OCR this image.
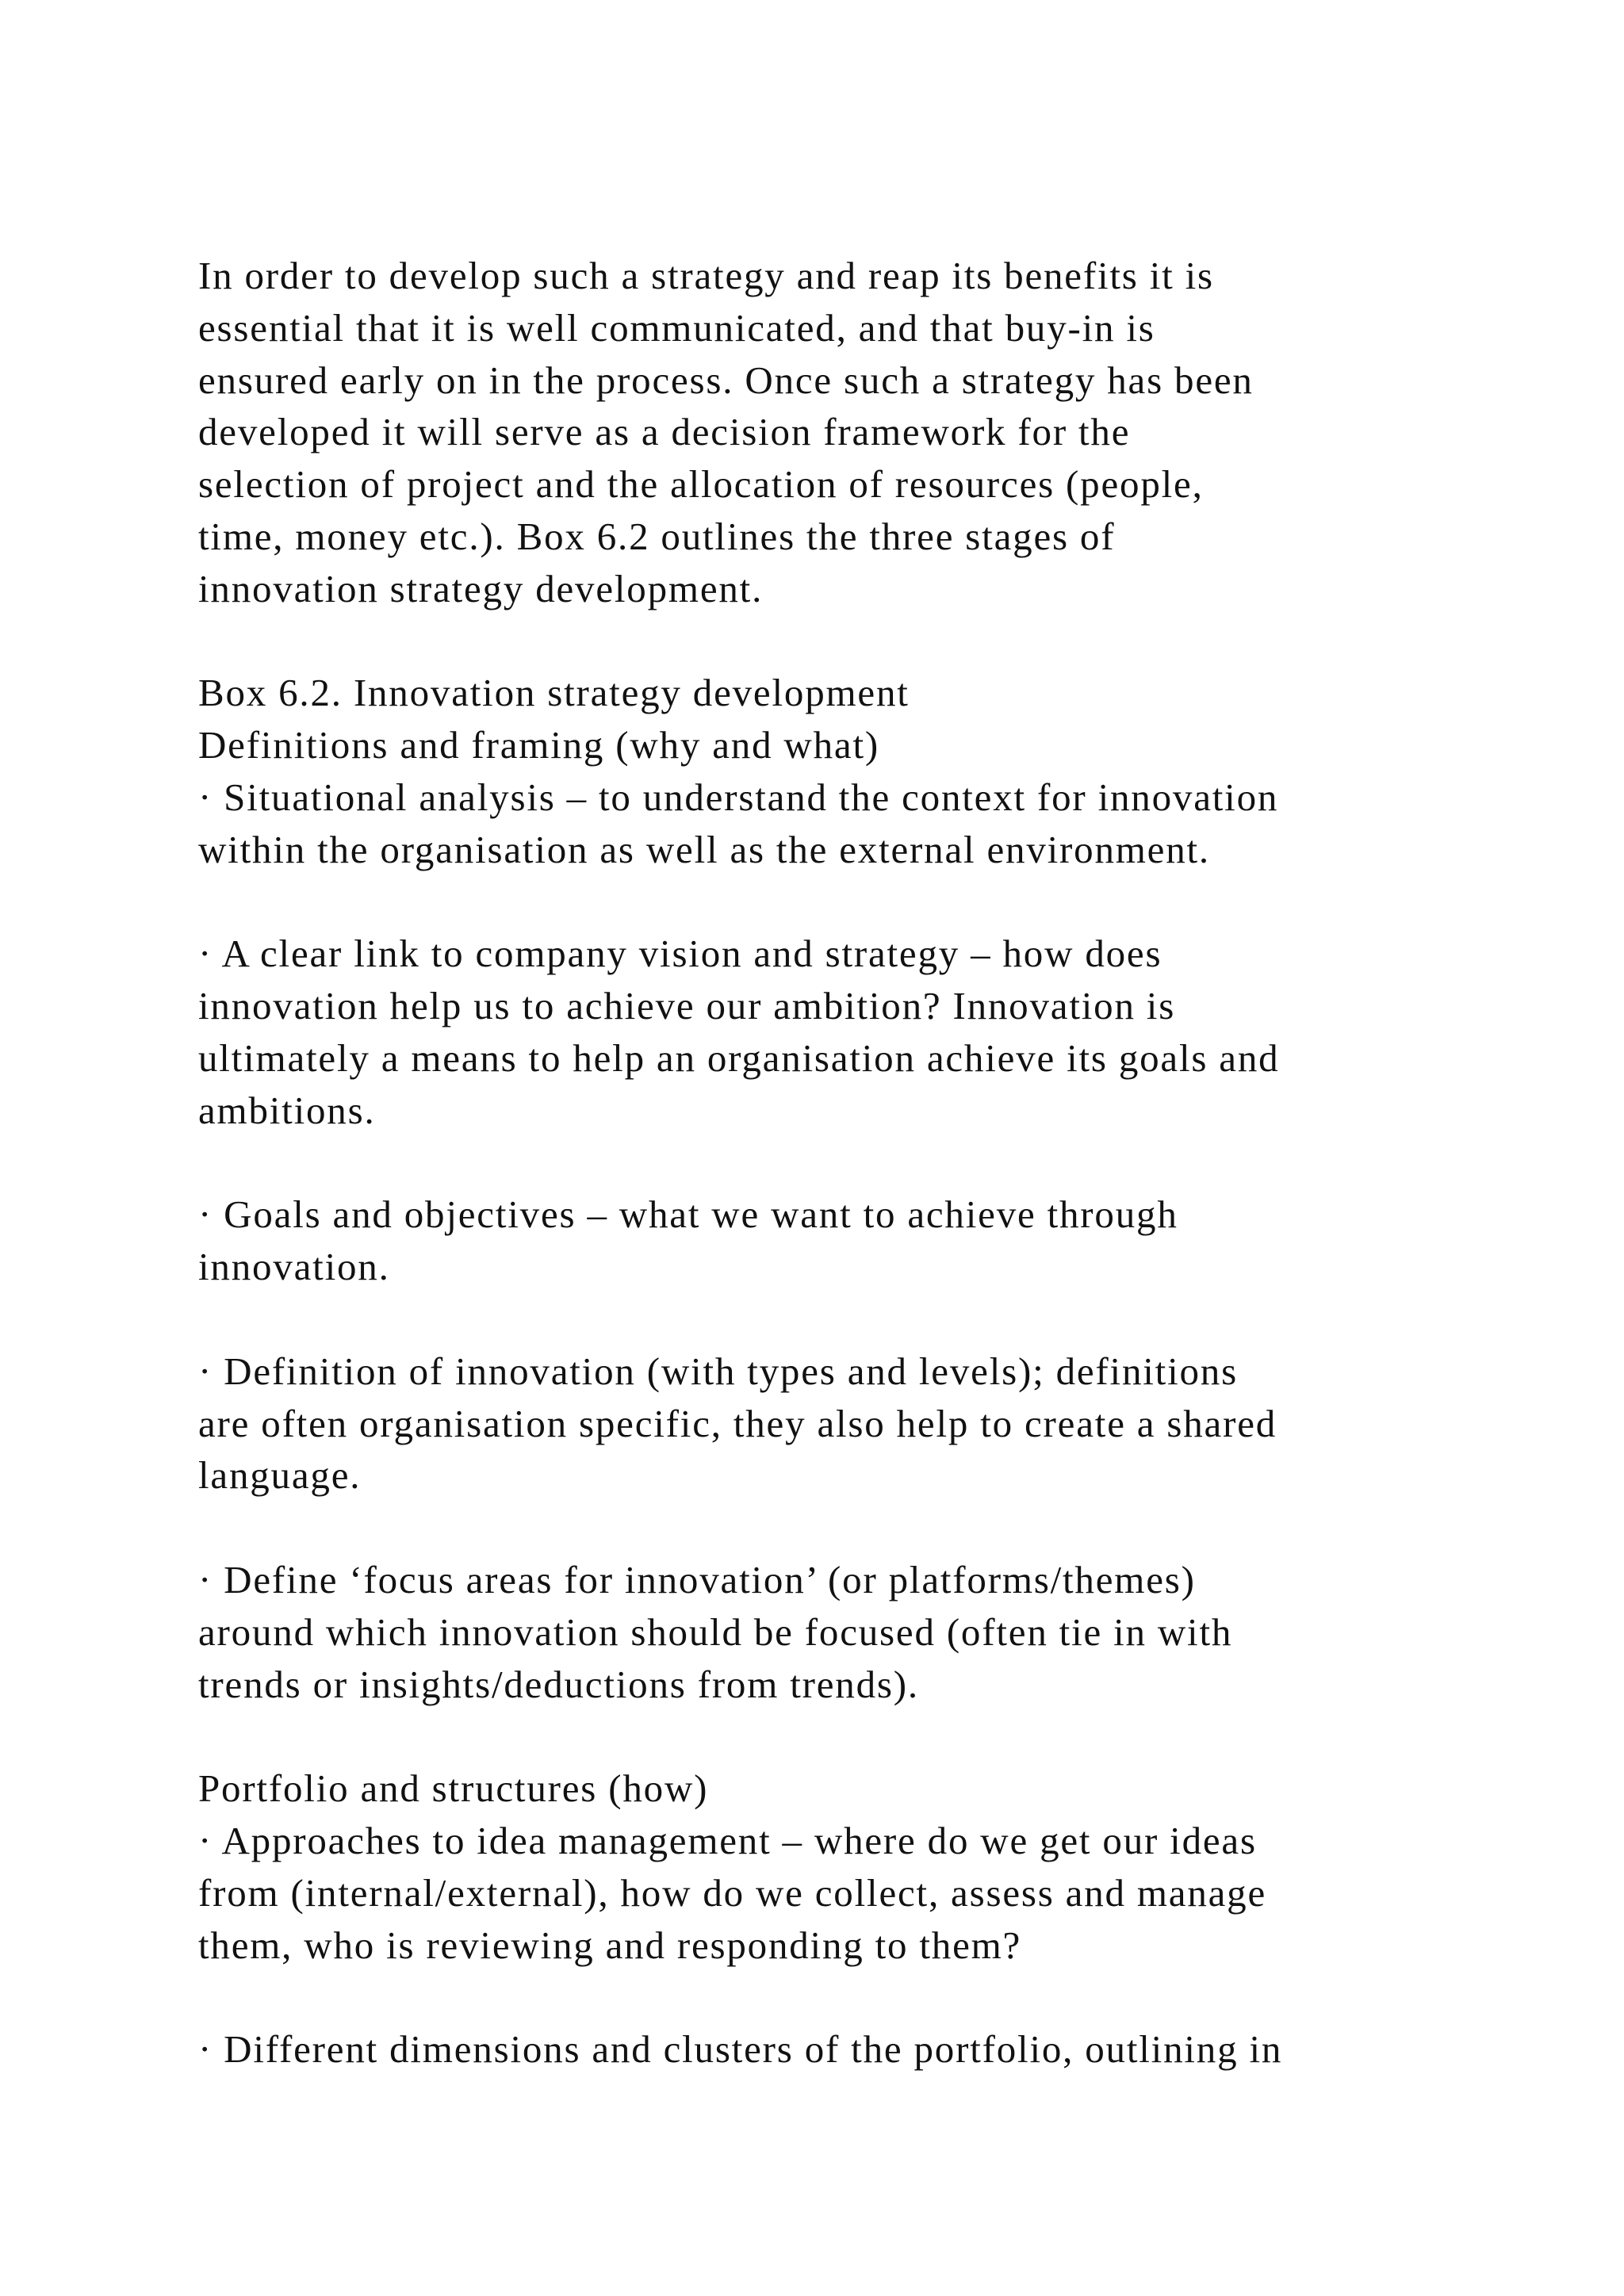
In order to develop such a strategy and reap its benefits it is
essential that it is well communicated, and that buy-in is
ensured early on in the process. Once such a strategy has been
developed it will serve as a decision framework for the
selection of project and the allocation of resources (people,
time, money etc.). Box 6.2 outlines the three stages of
innovation strategy development.
Box 6.2. Innovation strategy development
Definitions and framing (why and what)
· Situational analysis – to understand the context for innovation
within the organisation as well as the external environment.
· A clear link to company vision and strategy – how does
innovation help us to achieve our ambition? Innovation is
ultimately a means to help an organisation achieve its goals and
ambitions.
· Goals and objectives – what we want to achieve through
innovation.
· Definition of innovation (with types and levels); definitions
are often organisation specific, they also help to create a shared
language.
· Define ‘focus areas for innovation’ (or platforms/themes)
around which innovation should be focused (often tie in with
trends or insights/deductions from trends).
Portfolio and structures (how)
· Approaches to idea management – where do we get our ideas
from (internal/external), how do we collect, assess and manage
them, who is reviewing and responding to them?
· Different dimensions and clusters of the portfolio, outlining in
